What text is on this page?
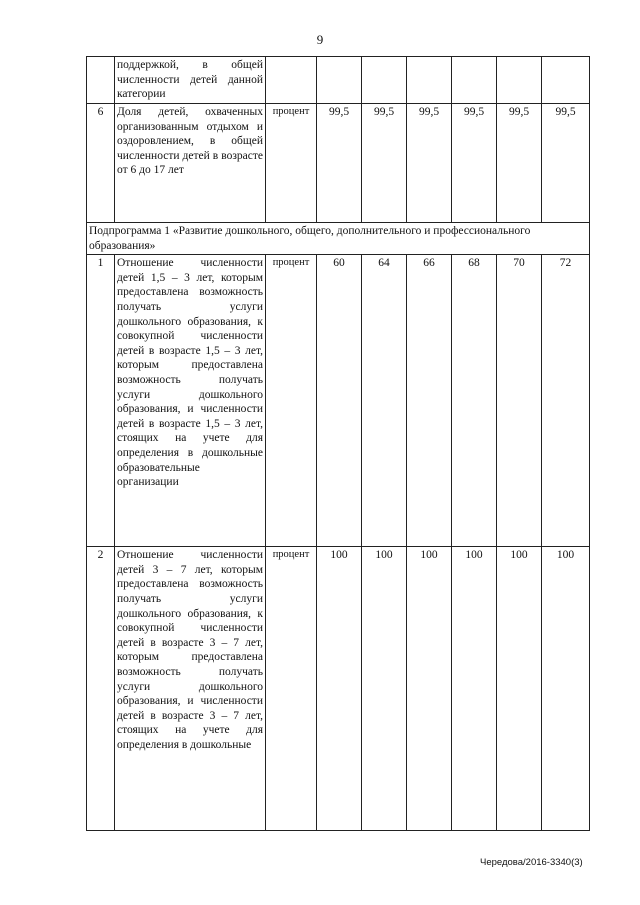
9
	поддержкой, в общей численности детей данной категории							
6	Доля детей, охваченных организованным отдыхом и оздоровлением, в общей численности детей в возрасте от 6 до 17 лет	процент	99,5	99,5	99,5	99,5	99,5	99,5
Подпрограмма 1 «Развитие дошкольного, общего, дополнительного и профессионального образования»								
1	Отношение численности детей 1,5 – 3 лет, которым предоставлена возможность получать услуги дошкольного образования, к совокупной численности детей в возрасте 1,5 – 3 лет, которым предоставлена возможность получать услуги дошкольного образования, и численности детей в возрасте 1,5 – 3 лет, стоящих на учете для определения в дошкольные образовательные организации	процент	60	64	66	68	70	72
2	Отношение численности детей 3 – 7 лет, которым предоставлена возможность получать услуги дошкольного образования, к совокупной численности детей в возрасте 3 – 7 лет, которым предоставлена возможность получать услуги дошкольного образования, и численности детей в возрасте 3 – 7 лет, стоящих на учете для определения в дошкольные	процент	100	100	100	100	100	100
Чередова/2016-3340(3)
